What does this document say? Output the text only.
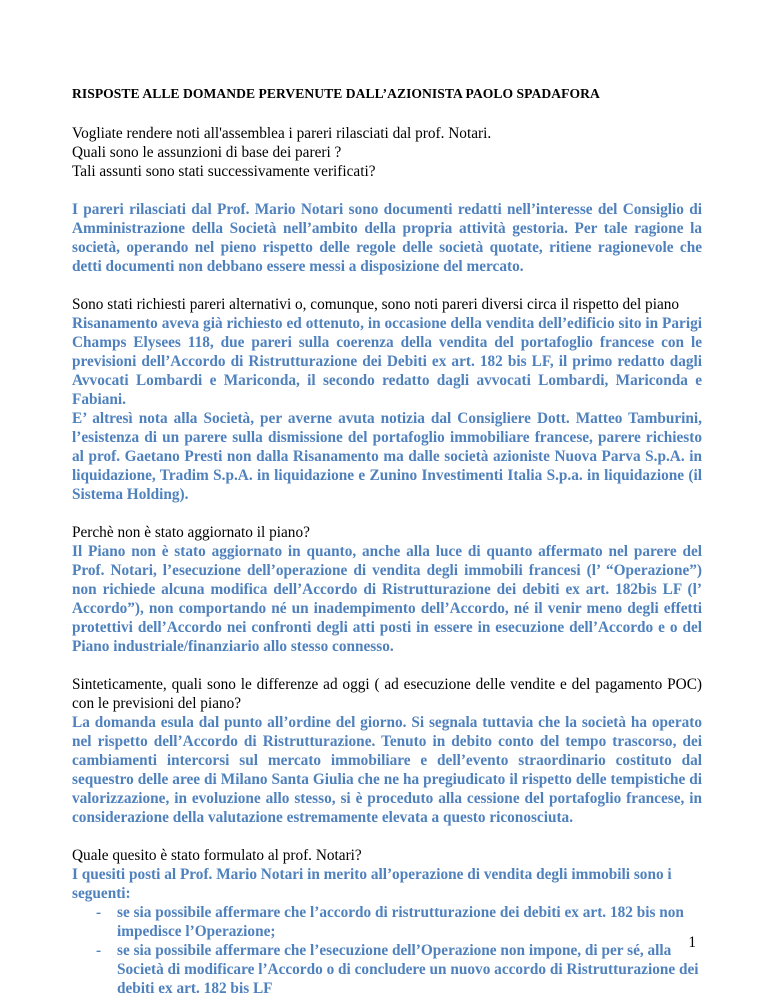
RISPOSTE ALLE DOMANDE PERVENUTE DALL’AZIONISTA PAOLO SPADAFORA

Vogliate rendere noti all'assemblea i pareri rilasciati dal prof. Notari.

Quali sono le assunzioni di base dei pareri ?

Tali assunti sono stati successivamente verificati?

I pareri rilasciati dal Prof. Mario Notari sono documenti redatti nell’interesse del Consiglio di Amministrazione della Società nell’ambito della propria attività gestoria. Per tale ragione la società, operando nel pieno rispetto delle regole delle società quotate, ritiene ragionevole che detti documenti non debbano essere messi a disposizione del mercato.

Sono stati richiesti pareri alternativi o, comunque, sono noti pareri diversi circa il rispetto del piano

Risanamento aveva già richiesto ed ottenuto, in occasione della vendita dell’edificio sito in Parigi Champs Elysees 118, due pareri sulla coerenza della vendita del portafoglio francese con le previsioni dell’Accordo di Ristrutturazione dei Debiti ex art. 182 bis LF, il primo redatto dagli Avvocati Lombardi e Mariconda, il secondo redatto dagli avvocati Lombardi, Mariconda e Fabiani.

E’ altresì nota alla Società, per averne avuta notizia dal Consigliere Dott. Matteo Tamburini, l’esistenza di un parere sulla dismissione del portafoglio immobiliare francese, parere richiesto al prof. Gaetano Presti non dalla Risanamento ma dalle società azioniste Nuova Parva S.p.A. in liquidazione, Tradim S.p.A. in liquidazione e Zunino Investimenti Italia S.p.a. in liquidazione (il Sistema Holding).

Perchè non è stato aggiornato il piano?

Il Piano non è stato aggiornato in quanto, anche alla luce di quanto affermato nel parere del Prof. Notari, l’esecuzione dell’operazione di vendita degli immobili francesi (l’ “Operazione”) non richiede alcuna modifica dell’Accordo di Ristrutturazione dei debiti ex art. 182bis LF (l’ Accordo”), non comportando né un inadempimento dell’Accordo, né il venir meno degli effetti protettivi dell’Accordo nei confronti degli atti posti in essere in esecuzione dell’Accordo e o del Piano industriale/finanziario allo stesso connesso.

Sinteticamente, quali sono le differenze ad oggi ( ad esecuzione delle vendite e del pagamento POC) con le previsioni del piano?

La domanda esula dal punto all’ordine del giorno. Si segnala tuttavia che la società ha operato nel rispetto dell’Accordo di Ristrutturazione. Tenuto in debito conto del tempo trascorso, dei cambiamenti intercorsi sul mercato immobiliare e dell’evento straordinario costituto dal sequestro delle aree di Milano Santa Giulia che ne ha pregiudicato il rispetto delle tempistiche di valorizzazione, in evoluzione allo stesso, si è proceduto alla cessione del portafoglio francese, in considerazione della valutazione estremamente elevata a questo riconosciuta.

Quale quesito è stato formulato al prof. Notari?

I quesiti posti al Prof. Mario Notari in merito all’operazione di vendita degli immobili sono i seguenti:

- se sia possibile affermare che l’accordo di ristrutturazione dei debiti ex art. 182 bis non impedisce l’Operazione;
- se sia possibile affermare che l’esecuzione dell’Operazione non impone, di per sé, alla Società di modificare l’Accordo o di concludere un nuovo accordo di Ristrutturazione dei debiti ex art. 182 bis LF
1
